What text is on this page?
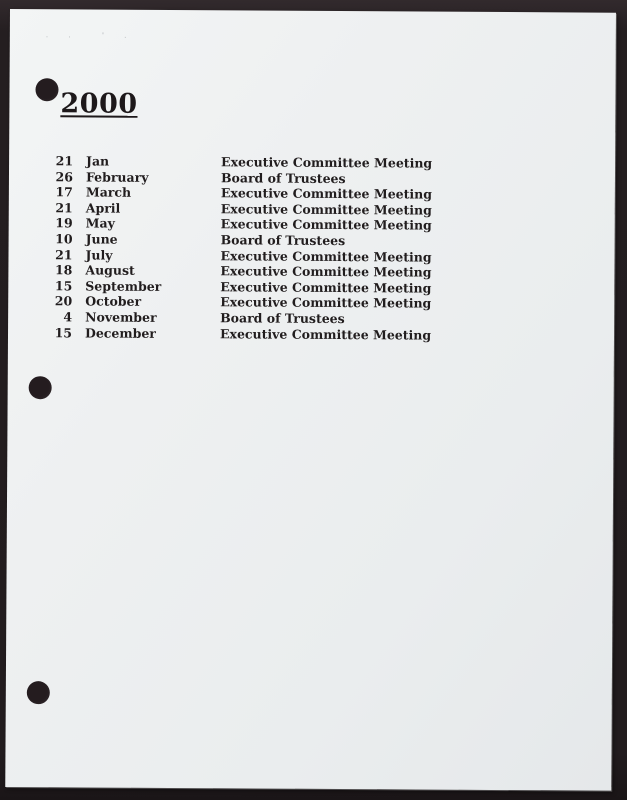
. .  ' .
2000
21 Jan	Executive Committee Meeting
26 February	Board of Trustees
17 March	Executive Committee Meeting
21 April	Executive Committee Meeting
19 May	Executive Committee Meeting
10 June	Board of Trustees
21 July	Executive Committee Meeting
18 August	Executive Committee Meeting
15 September	Executive Committee Meeting
20 October	Executive Committee Meeting
4 November	Board of Trustees
15 December	Executive Committee Meeting
